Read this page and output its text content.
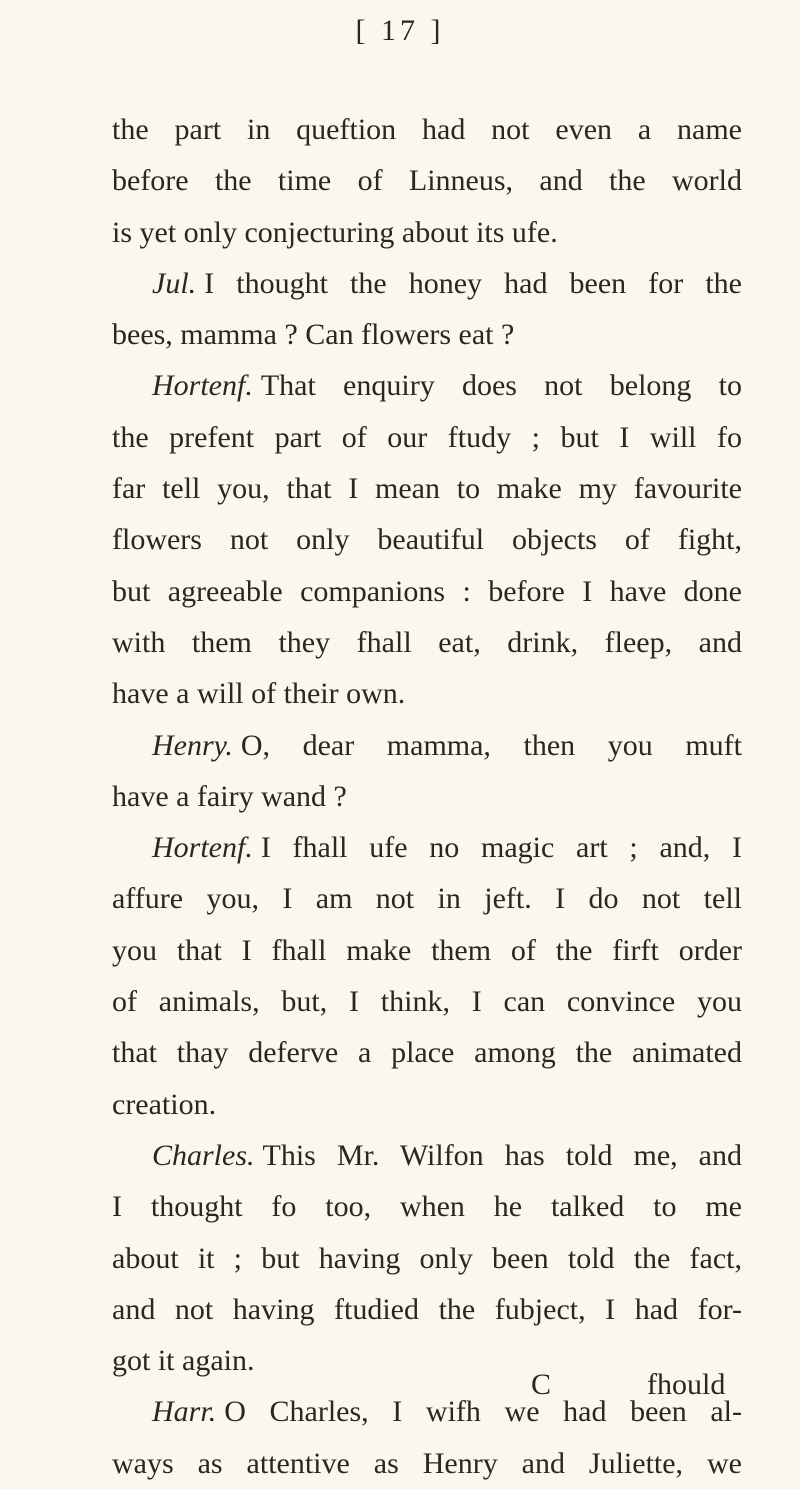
[ 17 ]
the part in queftion had not even a name
before the time of Linneus, and the world
is yet only conjecturing about its ufe.
Jul. I thought the honey had been for the
bees, mamma ? Can flowers eat ?
Hortenf. That enquiry does not belong to
the prefent part of our ftudy ; but I will fo
far tell you, that I mean to make my favourite
flowers not only beautiful objects of fight,
but agreeable companions : before I have done
with them they fhall eat, drink, fleep, and
have a will of their own.
Henry. O, dear mamma, then you muft
have a fairy wand ?
Hortenf. I fhall ufe no magic art ; and, I
affure you, I am not in jeft. I do not tell
you that I fhall make them of the firft order
of animals, but, I think, I can convince you
that thay deferve a place among the animated
creation.
Charles. This Mr. Wilfon has told me, and
I thought fo too, when he talked to me
about it ; but having only been told the fact,
and not having ftudied the fubject, I had for-
got it again.
Harr. O Charles, I wifh we had been al-
ways as attentive as Henry and Juliette, we
C	fhould
